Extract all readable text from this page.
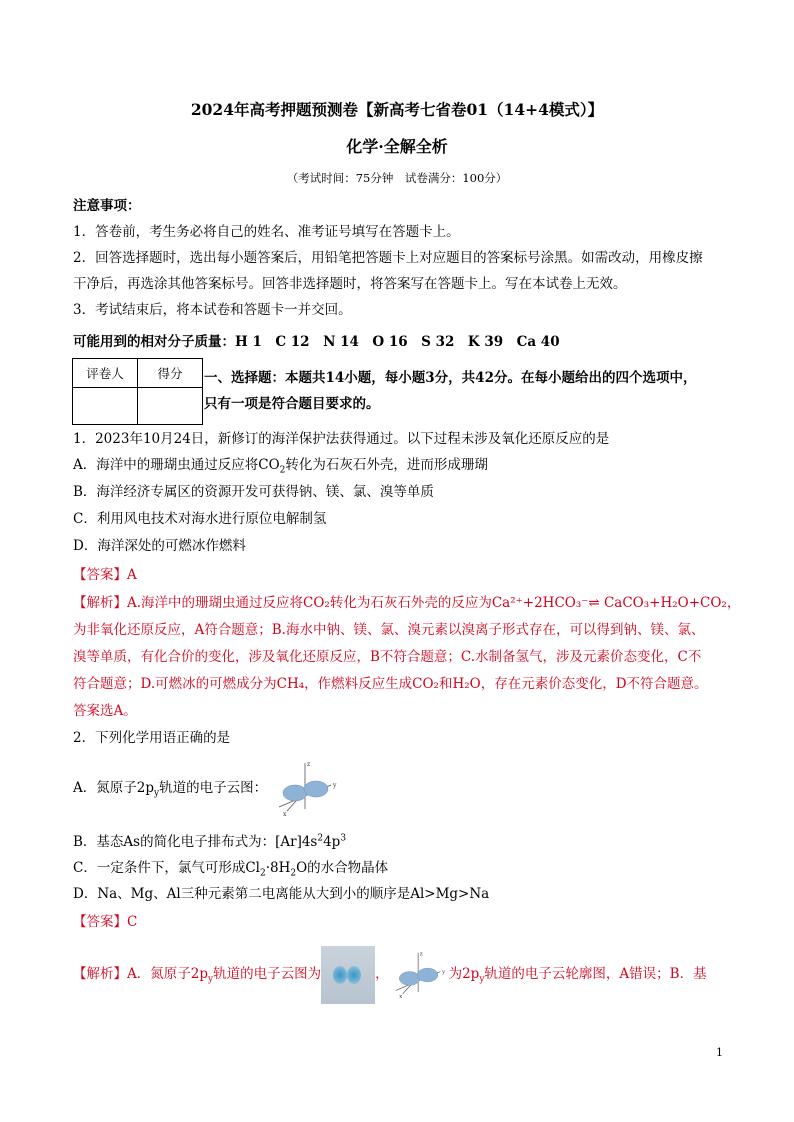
2024年高考押题预测卷【新高考七省卷01（14+4模式）】
化学·全解全析
（考试时间：75分钟　试卷满分：100分）
注意事项：
1．答卷前，考生务必将自己的姓名、准考证号填写在答题卡上。
2．回答选择题时，选出每小题答案后，用铅笔把答题卡上对应题目的答案标号涂黑。如需改动，用橡皮擦
干净后，再选涂其他答案标号。回答非选择题时，将答案写在答题卡上。写在本试卷上无效。
3．考试结束后，将本试卷和答题卡一并交回。
可能用到的相对分子质量：H 1　C 12　N 14　O 16　S 32　K 39　Ca 40
评卷人	得分
	一、选择题：本题共14小题，每小题3分，共42分。在每小题给出的四个选项中，
只有一项是符合题目要求的。
1．2023年10月24日，新修订的海洋保护法获得通过。以下过程未涉及氧化还原反应的是
A．海洋中的珊瑚虫通过反应将$CO_2$转化为石灰石外壳，进而形成珊瑚
B．海洋经济专属区的资源开发可获得钠、镁、氯、溴等单质
C．利用风电技术对海水进行原位电解制氢
D．海洋深处的可燃冰作燃料
【答案】A
【解析】A.海洋中的珊瑚虫通过反应将CO₂转化为石灰石外壳的反应为Ca²⁺+2HCO₃⁻⇌ CaCO₃+H₂O+CO₂，
为非氧化还原反应，A符合题意；B.海水中钠、镁、氯、溴元素以溴离子形式存在，可以得到钠、镁、氯、
溴等单质，有化合价的变化，涉及氧化还原反应，B不符合题意；C.水制备氢气，涉及元素价态变化，C不
符合题意；D.可燃冰的可燃成分为CH₄，作燃料反应生成CO₂和H₂O，存在元素价态变化，D不符合题意。
答案选A。
2．下列化学用语正确的是
A．氮原子$2p_y$轨道的电子云图：
z
y
x
B．基态As的简化电子排布式为：$[Ar]4s^24p^3$
C．一定条件下，氯气可形成$Cl_2\cdot 8H_2O$的水合物晶体
D．Na、Mg、Al三种元素第二电离能从大到小的顺序是Al>Mg>Na
【答案】C
【解析】A．氮原子$2p_y$轨道的电子云图为	，
z
y
x
为$2p_y$轨道的电子云轮廓图，A错误；B．基
1
